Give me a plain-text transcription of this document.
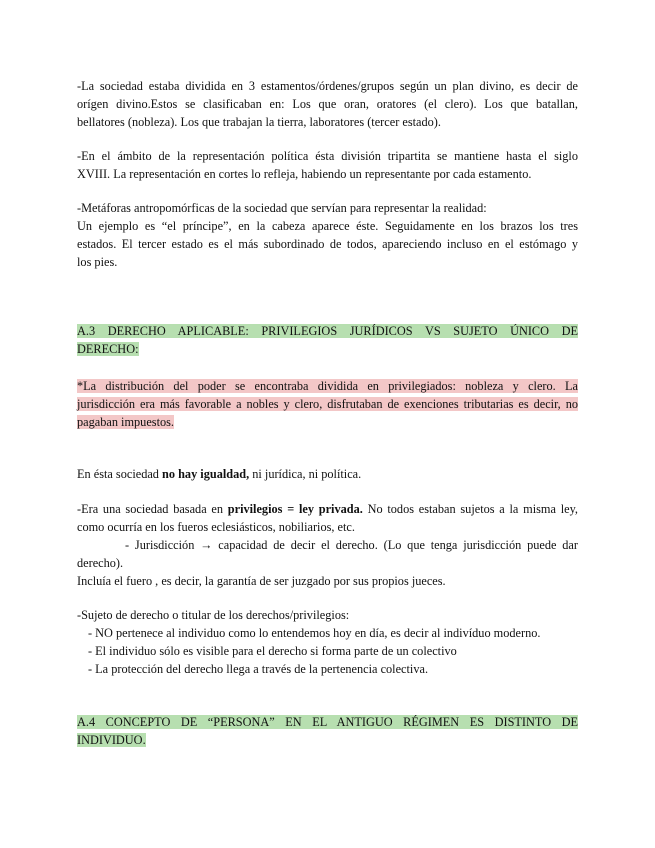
-La sociedad estaba dividida en 3 estamentos/órdenes/grupos según un plan divino, es decir de
orígen divino.Estos se clasificaban en: Los que oran, oratores (el clero). Los que batallan,
bellatores (nobleza). Los que trabajan la tierra, laboratores (tercer estado).
-En el ámbito de la representación política ésta división tripartita se mantiene hasta el siglo
XVIII. La representación en cortes lo refleja, habiendo un representante por cada estamento.
-Metáforas antropomórficas de la sociedad que servían para representar la realidad:
Un ejemplo es “el príncipe”, en la cabeza aparece éste. Seguidamente en los brazos los tres
estados. El tercer estado es el más subordinado de todos, apareciendo incluso en el estómago y
los pies.
A.3 DERECHO APLICABLE: PRIVILEGIOS JURÍDICOS VS SUJETO ÚNICO DE
DERECHO:
*La distribución del poder se encontraba dividida en privilegiados: nobleza y clero. La
jurisdicción era más favorable a nobles y clero, disfrutaban de exenciones tributarias es decir, no
pagaban impuestos.
En ésta sociedad no hay igualdad, ni jurídica, ni política.
-Era una sociedad basada en privilegios = ley privada. No todos estaban sujetos a la misma ley,
como ocurría en los fueros eclesiásticos, nobiliarios, etc.
- Jurisdicción → capacidad de decir el derecho. (Lo que tenga jurisdicción puede dar
derecho).
Incluía el fuero , es decir, la garantía de ser juzgado por sus propios jueces.
-Sujeto de derecho o titular de los derechos/privilegios:
- NO pertenece al individuo como lo entendemos hoy en día, es decir al indivíduo moderno.
- El individuo sólo es visible para el derecho si forma parte de un colectivo
- La protección del derecho llega a través de la pertenencia colectiva.
A.4 CONCEPTO DE “PERSONA” EN EL ANTIGUO RÉGIMEN ES DISTINTO DE
INDIVIDUO.
